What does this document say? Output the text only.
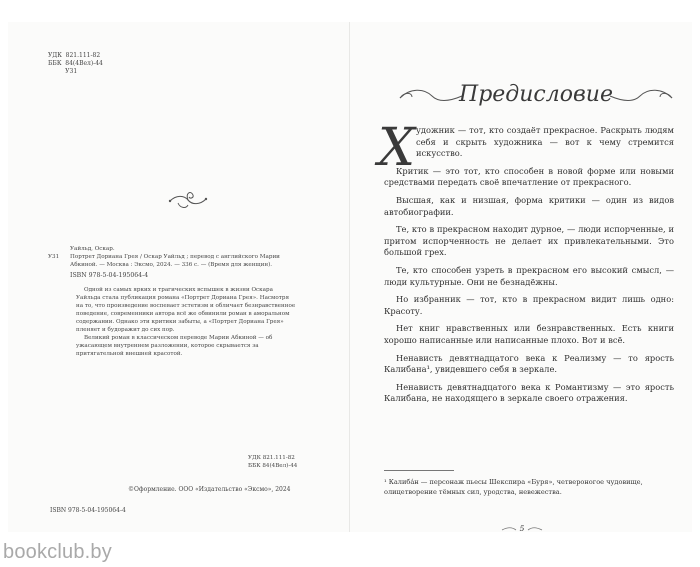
УДК  821.111-82
ББК  84(4Вел)-44
У31
Уайльд, Оскар.
У31	Портрет Дориана Грея / Оскар Уайльд ; перевод с английского Марии Абкиной. — Москва : Эксмо, 2024. — 336 с. — (Время для женщин).
ISBN 978-5-04-195064-4

Одной из самых ярких и трагических вспышек в жизни Оскара Уайльда стала публикация романа «Портрет Дориана Грея». Насмотря на то, что произведение воспевает эстетизм и обличает безнравственное поведение, современники автора всё же обвинили роман в аморальном содержании. Однако эти критики забыты, а «Портрет Дориана Грея» пленяет и будоражит до сих пор.

Великий роман в классическом переводе Марии Абкиной — об ужасающем внутреннем разложении, которое скрывается за притягательной внешней красотой.

УДК 821.111-82
ББК 84(4Вел)-44
©Оформление. ООО «Издательство «Эксмо», 2024
ISBN 978-5-04-195064-4
Предисловие
Х удожник — тот, кто создаёт прекрасное. Раскрыть людям себя и скрыть художника — вот к чему стремится искусство.

Критик — это тот, кто способен в новой форме или новыми средствами передать своё впечатление от прекрасного.

Высшая, как и низшая, форма критики — один из видов автобиографии.

Те, кто в прекрасном находит дурное, — люди испорченные, и притом испорченность не делает их привлекательными. Это большой грех.

Те, кто способен узреть в прекрасном его высокий смысл, — люди культурные. Они не безнадёжны.

Но избранник — тот, кто в прекрасном видит лишь одно: Красоту.

Нет книг нравственных или безнравственных. Есть книги хорошо написанные или написанные плохо. Вот и всё.

Ненависть девятнадцатого века к Реализму — то ярость Калибана¹, увидевшего себя в зеркале.

Ненависть девятнадцатого века к Романтизму — это ярость Калибана, не находящего в зеркале своего отражения.

¹ Калиба́н — персонаж пьесы Шекспира «Буря», четвероногое чудовище, олицетворение тёмных сил, уродства, невежества.
5
bookclub.by
